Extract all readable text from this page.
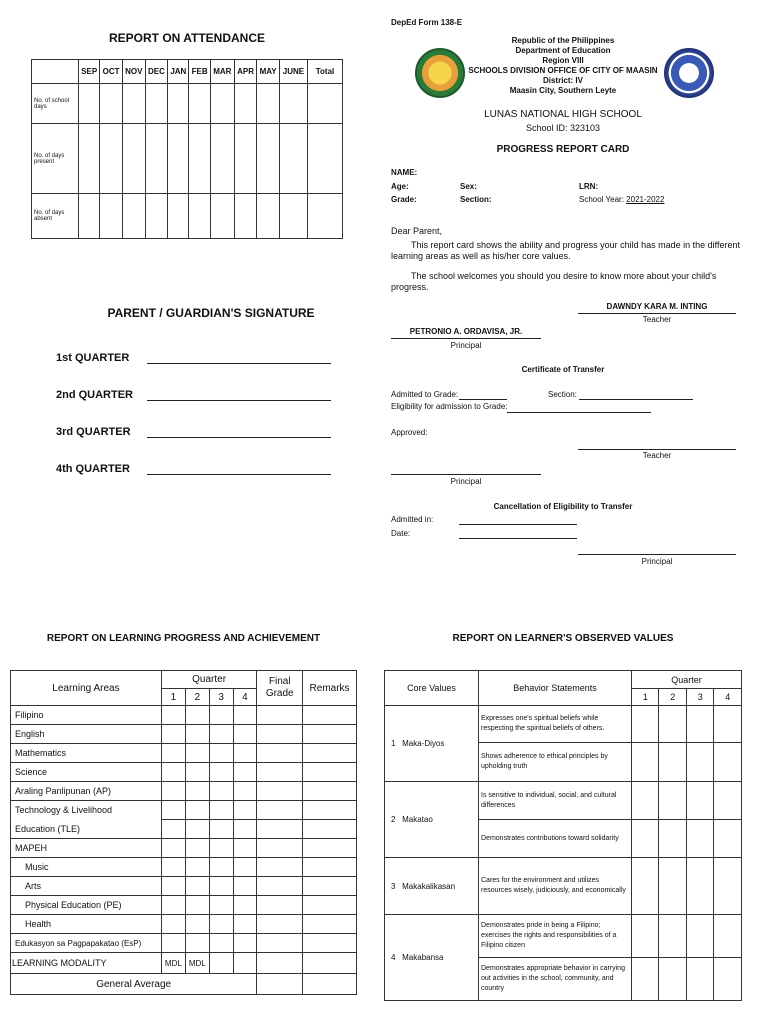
REPORT ON ATTENDANCE
	SEP	OCT	NOV	DEC	JAN	FEB	MAR	APR	MAY	JUNE	Total
No. of school days											
No. of days present											
No. of days absent											
PARENT / GUARDIAN'S SIGNATURE
1st QUARTER
2nd QUARTER
3rd QUARTER
4th QUARTER
DepEd Form 138-E
Republic of the Philippines
Department of Education
Region VIII
SCHOOLS DIVISION OFFICE OF CITY OF MAASIN
District: IV
Maasin City, Southern Leyte
LUNAS NATIONAL HIGH SCHOOL
School ID: 323103
PROGRESS REPORT CARD
NAME:
Age:	Sex:	LRN:
Grade:	Section:	School Year: 2021-2022
Dear Parent,
This report card shows the ability and progress your child has made in the different learning areas as well as his/her core values.
The school welcomes you should you desire to know more about your child's progress.
DAWNDY KARA M. INTING
Teacher
PETRONIO A. ORDAVISA, JR.
Principal
Certificate of Transfer
Admitted to Grade:	Section:
Eligibility for admission to Grade:
Approved:
Teacher
Principal
Cancellation of Eligibility to Transfer
Admitted in:
Date:
Principal
REPORT ON LEARNING PROGRESS AND ACHIEVEMENT
Learning Areas	Quarter				Final Grade	Remarks
	1	2	3	4		
Filipino						
English						
Mathematics						
Science						
Araling Panlipunan (AP)						
Technology & Livelihood						
Education (TLE)						
MAPEH						
Music						
Arts						
Physical Education (PE)						
Health						
Edukasyon sa Pagpapakatao (EsP)						
LEARNING MODALITY	MDL	MDL				
General Average						
REPORT ON LEARNER'S OBSERVED VALUES
Core Values	Behavior Statements	Quarter			
		1	2	3	4
1 Maka-Diyos	Expresses one's spiritual beliefs while respecting the spiritual beliefs of others.				
	Shows adherence to ethical principles by upholding truth				
2 Makatao	Is sensitive to individual, social, and cultural differences				
	Demonstrates contributions toward solidarity				
3 Makakalikasan	Cares for the environment and utilizes resources wisely, judiciously, and economically				
4 Makabansa	Demonstrates pride in being a Filipino; exercises the rights and responsibilities of a Filipino citizen				
	Demonstrates appropriate behavior in carrying out activities in the school, community, and country				
